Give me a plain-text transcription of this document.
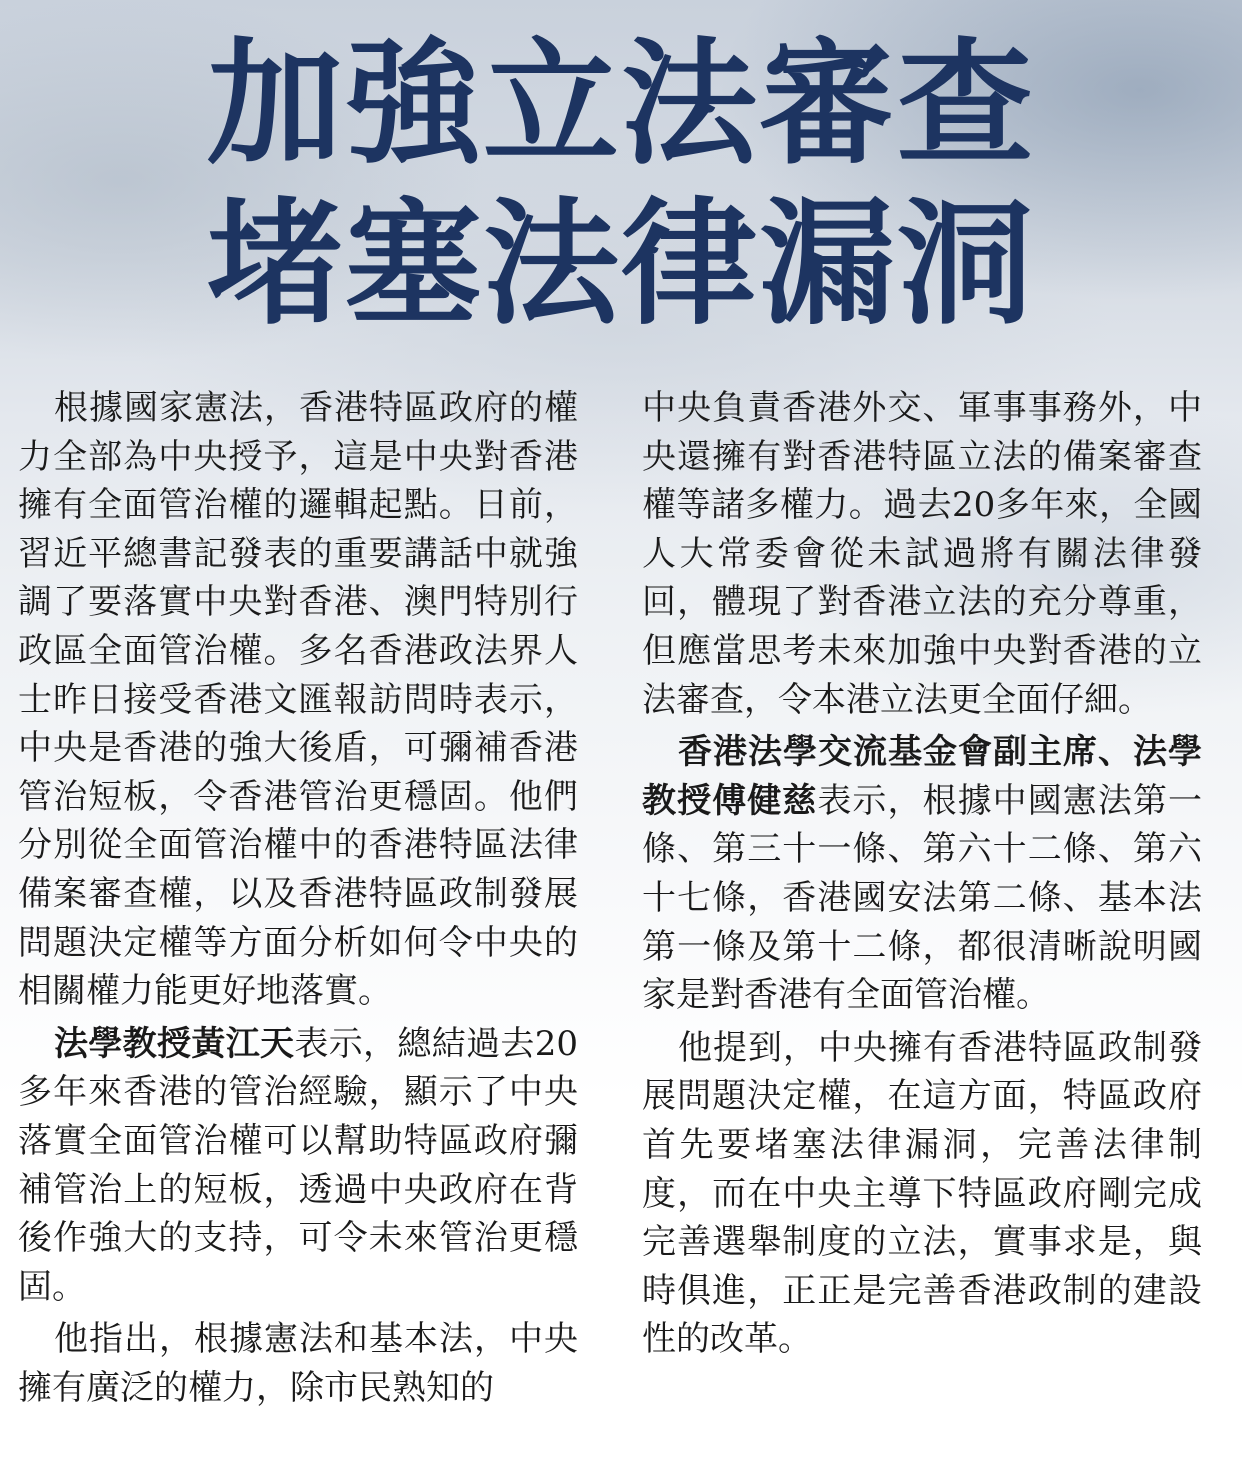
加強立法審查
堵塞法律漏洞

根據國家憲法，香港特區政府的權力全部為中央授予，這是中央對香港擁有全面管治權的邏輯起點。日前，習近平總書記發表的重要講話中就強調了要落實中央對香港、澳門特別行政區全面管治權。多名香港政法界人士昨日接受香港文匯報訪問時表示，中央是香港的強大後盾，可彌補香港管治短板，令香港管治更穩固。他們分別從全面管治權中的香港特區法律備案審查權，以及香港特區政制發展問題決定權等方面分析如何令中央的相關權力能更好地落實。

法學教授黃江天表示，總結過去20多年來香港的管治經驗，顯示了中央落實全面管治權可以幫助特區政府彌補管治上的短板，透過中央政府在背後作強大的支持，可令未來管治更穩固。

他指出，根據憲法和基本法，中央擁有廣泛的權力，除市民熟知的

中央負責香港外交、軍事事務外，中央還擁有對香港特區立法的備案審查權等諸多權力。過去20多年來，全國人大常委會從未試過將有關法律發回，體現了對香港立法的充分尊重，但應當思考未來加強中央對香港的立法審查，令本港立法更全面仔細。

香港法學交流基金會副主席、法學教授傅健慈表示，根據中國憲法第一條、第三十一條、第六十二條、第六十七條，香港國安法第二條、基本法第一條及第十二條，都很清晰說明國家是對香港有全面管治權。

他提到，中央擁有香港特區政制發展問題決定權，在這方面，特區政府首先要堵塞法律漏洞，完善法律制度，而在中央主導下特區政府剛完成完善選舉制度的立法，實事求是，與時俱進，正正是完善香港政制的建設性的改革。
